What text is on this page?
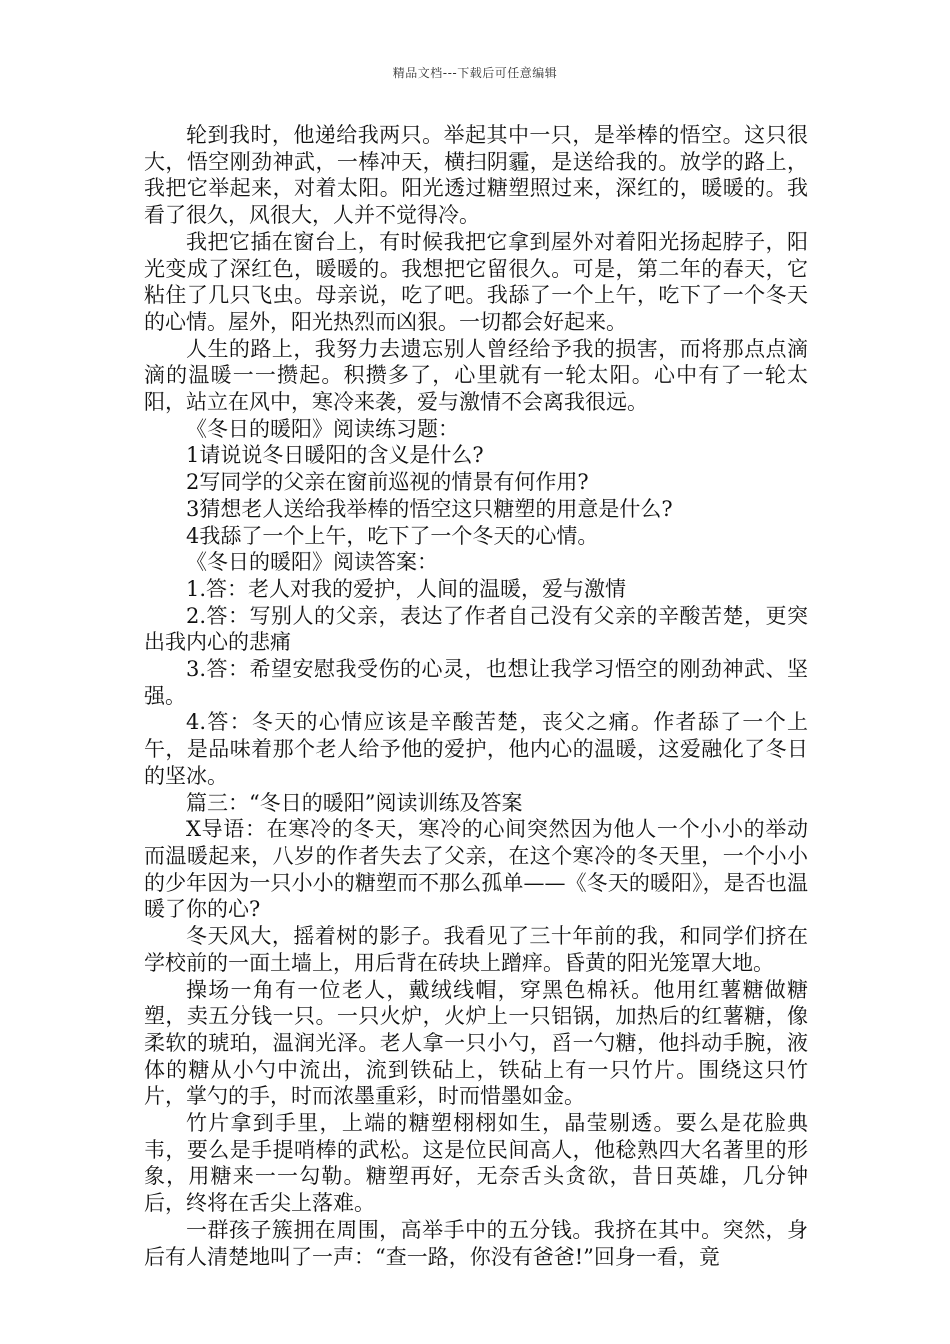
精品文档---下载后可任意编辑

轮到我时，他递给我两只。举起其中一只，是举棒的悟空。这只很大，悟空刚劲神武，一棒冲天，横扫阴霾，是送给我的。放学的路上，我把它举起来，对着太阳。阳光透过糖塑照过来，深红的，暖暖的。我看了很久，风很大，人并不觉得冷。

我把它插在窗台上，有时候我把它拿到屋外对着阳光扬起脖子，阳光变成了深红色，暖暖的。我想把它留很久。可是，第二年的春天，它粘住了几只飞虫。母亲说，吃了吧。我舔了一个上午，吃下了一个冬天的心情。屋外，阳光热烈而凶狠。一切都会好起来。

人生的路上，我努力去遗忘别人曾经给予我的损害，而将那点点滴滴的温暖一一攒起。积攒多了，心里就有一轮太阳。心中有了一轮太阳，站立在风中，寒冷来袭，爱与激情不会离我很远。

《冬日的暖阳》阅读练习题：

1请说说冬日暖阳的含义是什么?

2写同学的父亲在窗前巡视的情景有何作用?

3猜想老人送给我举棒的悟空这只糖塑的用意是什么?

4我舔了一个上午，吃下了一个冬天的心情。

《冬日的暖阳》阅读答案：

1.答：老人对我的爱护，人间的温暖，爱与激情

2.答：写别人的父亲，表达了作者自己没有父亲的辛酸苦楚，更突出我内心的悲痛

3.答：希望安慰我受伤的心灵，也想让我学习悟空的刚劲神武、坚强。

4.答：冬天的心情应该是辛酸苦楚，丧父之痛。作者舔了一个上午，是品味着那个老人给予他的爱护，他内心的温暖，这爱融化了冬日的坚冰。

篇三：“冬日的暖阳”阅读训练及答案

X导语：在寒冷的冬天，寒冷的心间突然因为他人一个小小的举动而温暖起来，八岁的作者失去了父亲，在这个寒冷的冬天里，一个小小的少年因为一只小小的糖塑而不那么孤单——《冬天的暖阳》，是否也温暖了你的心?

冬天风大，摇着树的影子。我看见了三十年前的我，和同学们挤在学校前的一面土墙上，用后背在砖块上蹭痒。昏黄的阳光笼罩大地。

操场一角有一位老人，戴绒线帽，穿黑色棉袄。他用红薯糖做糖塑，卖五分钱一只。一只火炉，火炉上一只铝锅，加热后的红薯糖，像柔软的琥珀，温润光泽。老人拿一只小勺，舀一勺糖，他抖动手腕，液体的糖从小勺中流出，流到铁砧上，铁砧上有一只竹片。围绕这只竹片，掌勺的手，时而浓墨重彩，时而惜墨如金。

竹片拿到手里，上端的糖塑栩栩如生，晶莹剔透。要么是花脸典韦，要么是手提哨棒的武松。这是位民间高人，他稔熟四大名著里的形象，用糖来一一勾勒。糖塑再好，无奈舌头贪欲，昔日英雄，几分钟后，终将在舌尖上落难。

一群孩子簇拥在周围，高举手中的五分钱。我挤在其中。突然，身后有人清楚地叫了一声：“查一路，你没有爸爸!”回身一看，竟
